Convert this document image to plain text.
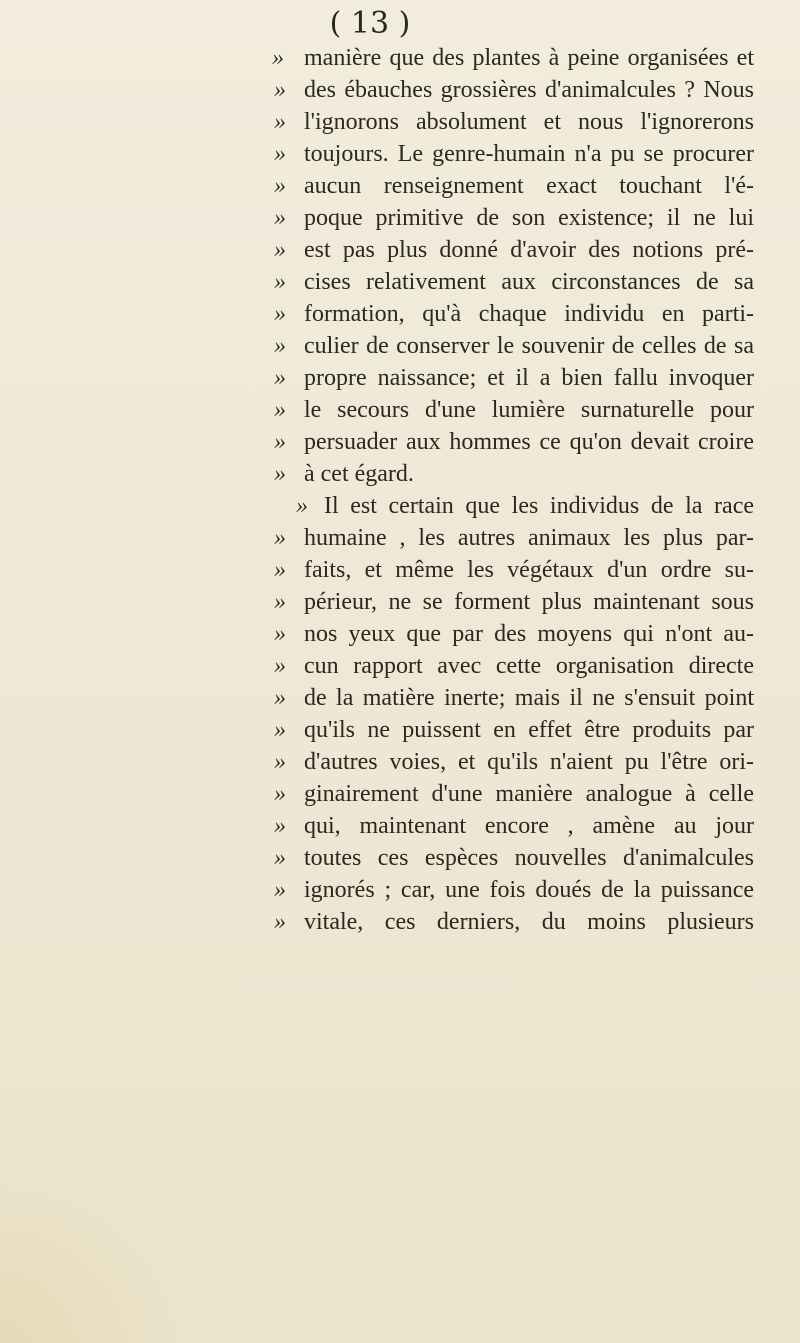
( 13 )
» manière que des plantes à peine organisées et
» des ébauches grossières d'animalcules ? Nous
» l'ignorons absolument et nous l'ignorerons
» toujours. Le genre-humain n'a pu se procurer
» aucun renseignement exact touchant l'é-
» poque primitive de son existence; il ne lui
» est pas plus donné d'avoir des notions pré-
» cises relativement aux circonstances de sa
» formation, qu'à chaque individu en parti-
» culier de conserver le souvenir de celles de sa
» propre naissance; et il a bien fallu invoquer
» le secours d'une lumière surnaturelle pour
» persuader aux hommes ce qu'on devait croire
» à cet égard.
» Il est certain que les individus de la race
» humaine , les autres animaux les plus par-
» faits, et même les végétaux d'un ordre su-
» périeur, ne se forment plus maintenant sous
» nos yeux que par des moyens qui n'ont au-
» cun rapport avec cette organisation directe
» de la matière inerte; mais il ne s'ensuit point
» qu'ils ne puissent en effet être produits par
» d'autres voies, et qu'ils n'aient pu l'être ori-
» ginairement d'une manière analogue à celle
» qui, maintenant encore , amène au jour
» toutes ces espèces nouvelles d'animalcules
» ignorés ; car, une fois doués de la puissance
» vitale, ces derniers, du moins plusieurs
